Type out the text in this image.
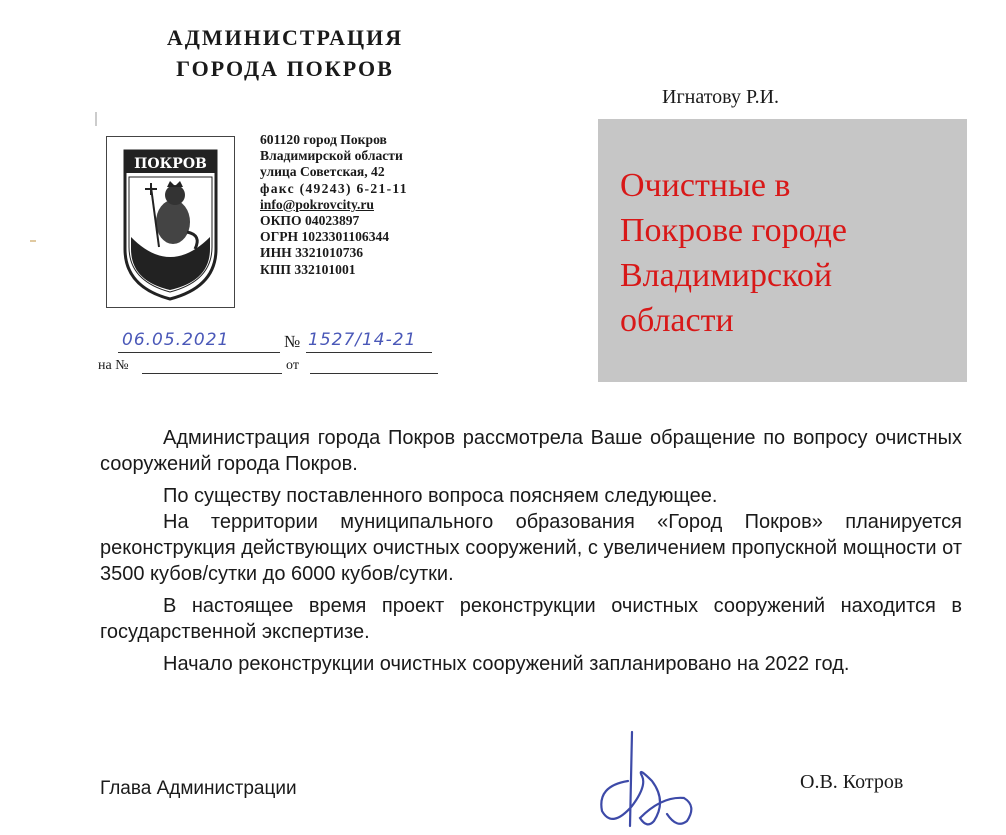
АДМИНИСТРАЦИЯ
ГОРОДА ПОКРОВ
Игнатову Р.И.
ПОКРОВ
601120 город Покров
Владимирской области
улица Советская, 42
факс (49243) 6-21-11
info@pokrovcity.ru
ОКПО 04023897
ОГРН 1023301106344
ИНН 3321010736
КПП 332101001
06.05.2021	№ 1527/14-21
на №	от
Очистные в
Покрове городе
Владимирской
области

Администрация города Покров рассмотрела Ваше обращение по вопросу очистных сооружений города Покров.

По существу поставленного вопроса поясняем следующее.

На территории муниципального образования «Город Покров» планируется реконструкция действующих очистных сооружений, с увеличением пропускной мощности от 3500 кубов/сутки до 6000 кубов/сутки.

В настоящее время проект реконструкции очистных сооружений находится в государственной экспертизе.

Начало реконструкции очистных сооружений запланировано на 2022 год.

Глава Администрации	О.В. Котров
